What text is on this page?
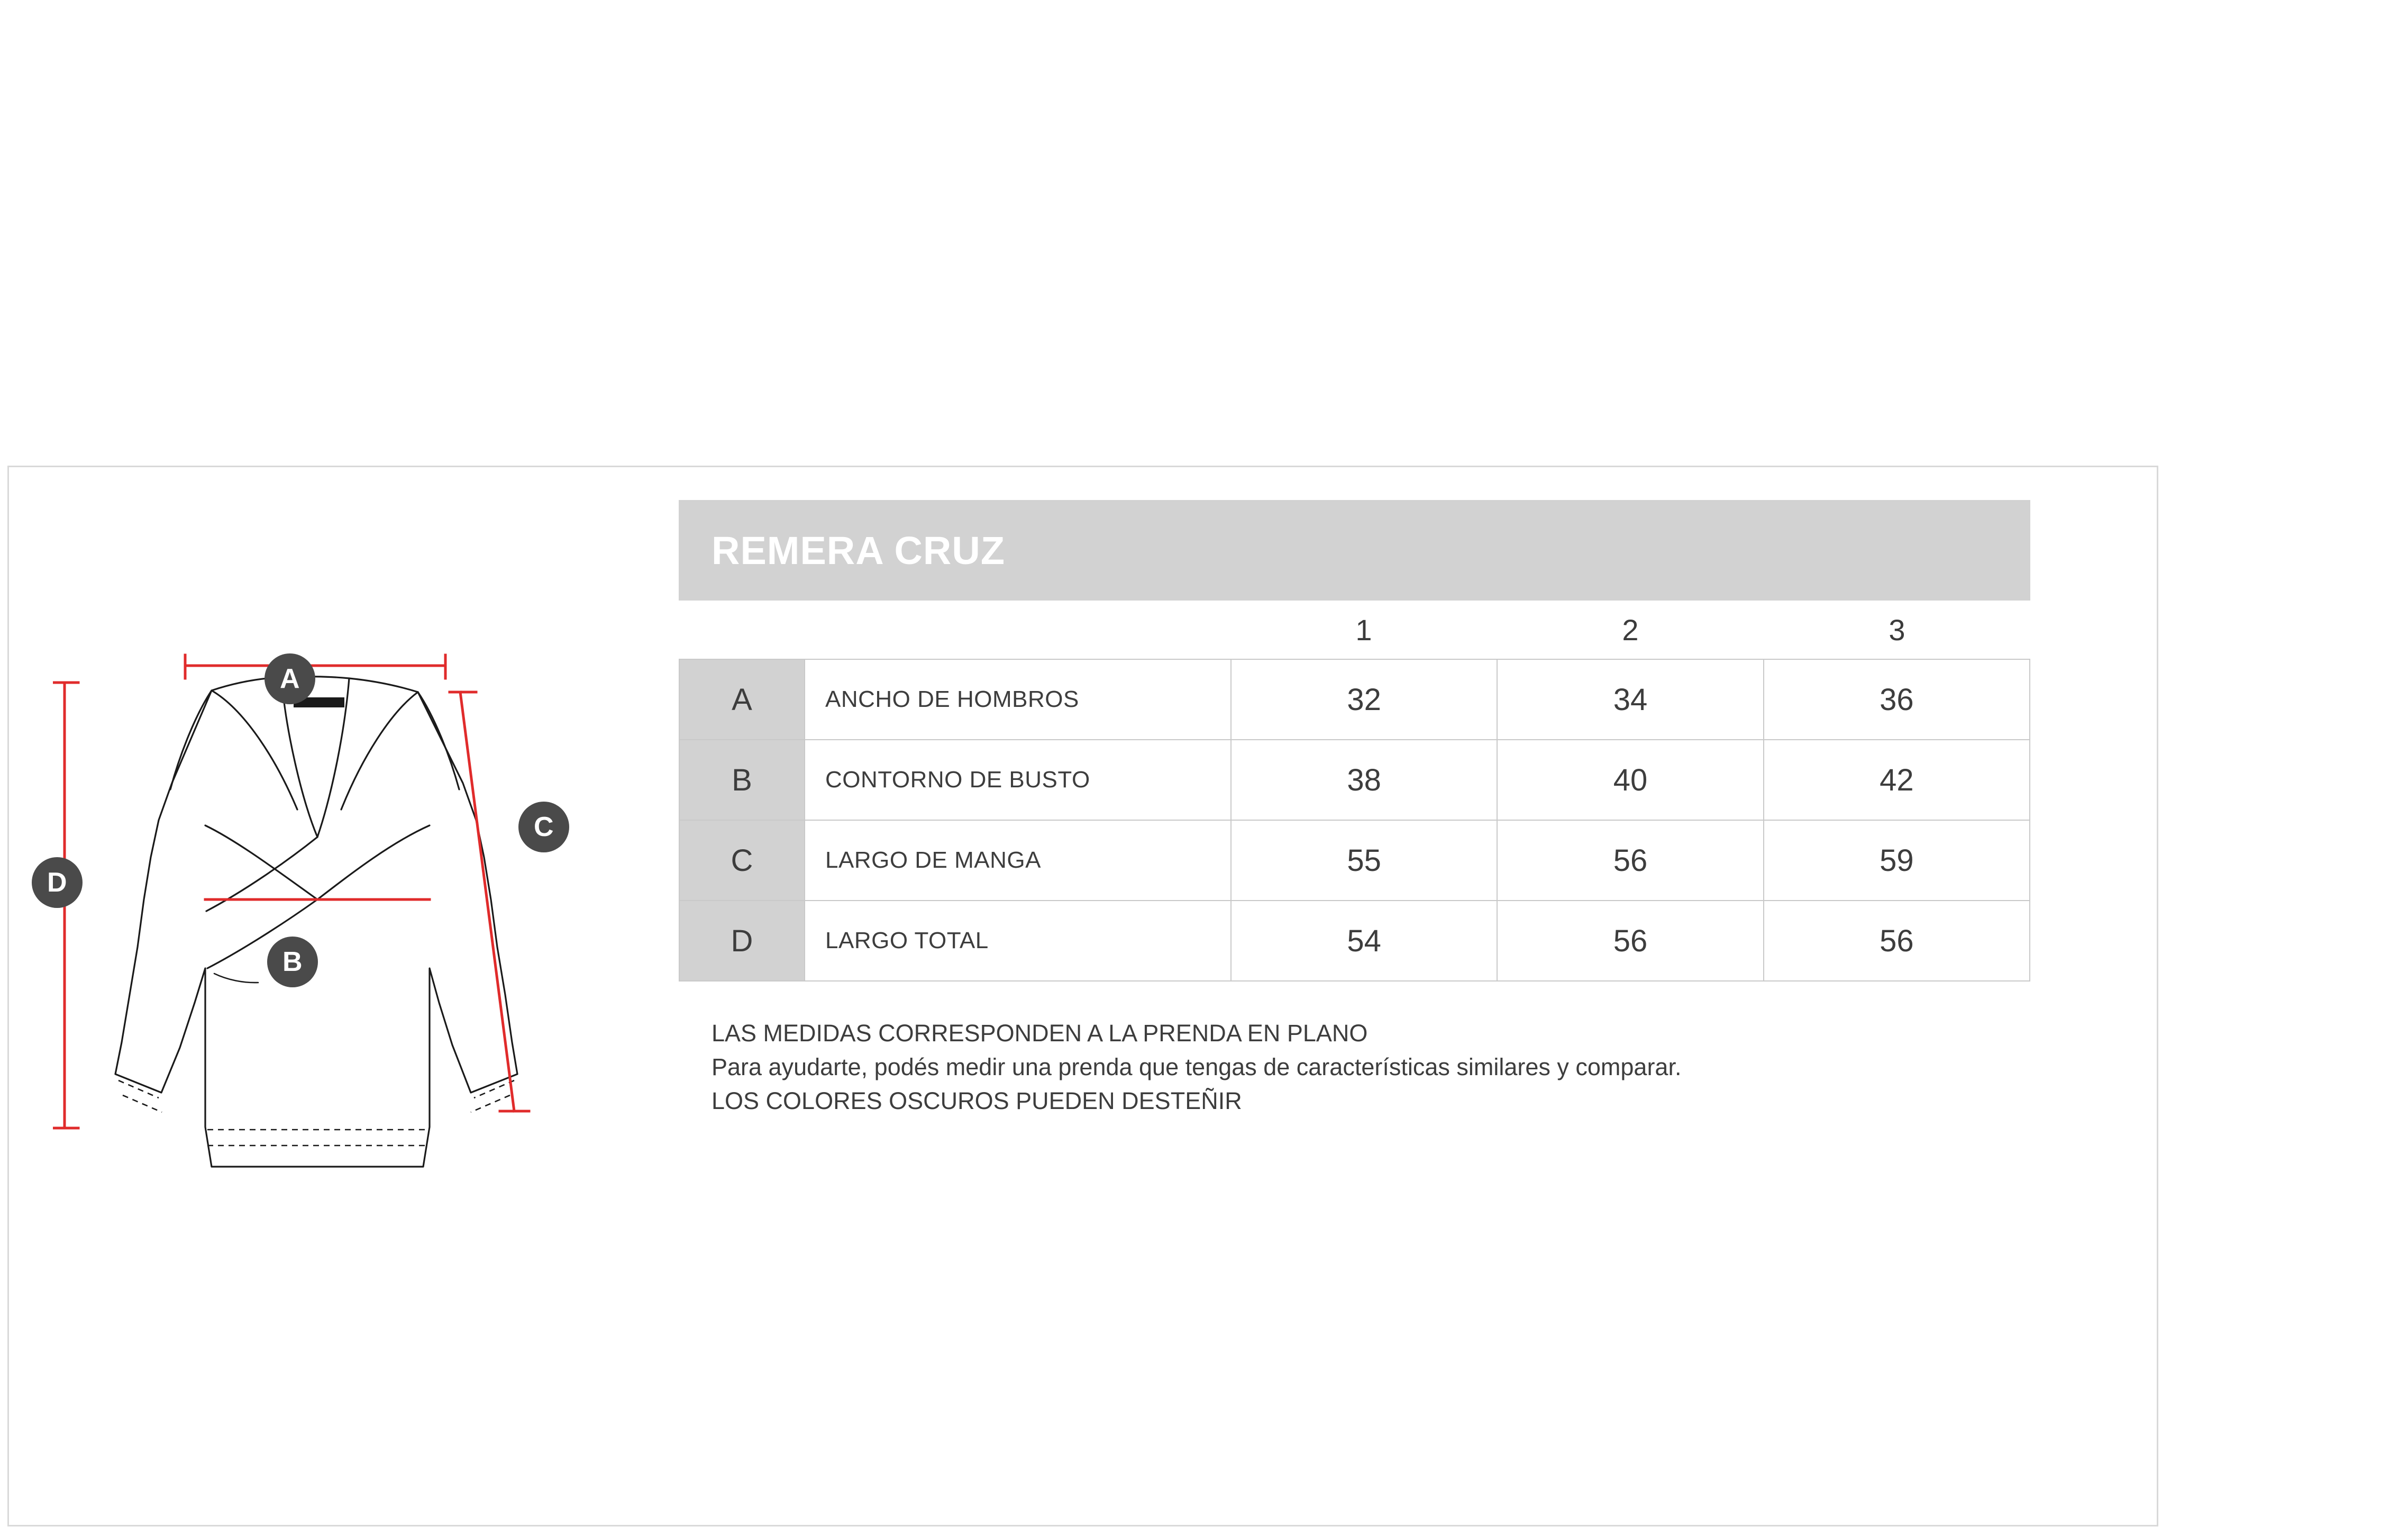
A
B
C
D
REMERA CRUZ
1	2	3
A	ANCHO DE HOMBROS	32	34	36
B	CONTORNO DE BUSTO	38	40	42
C	LARGO DE MANGA	55	56	59
D	LARGO TOTAL	54	56	56
LAS MEDIDAS CORRESPONDEN A LA PRENDA EN PLANO
Para ayudarte, podés medir una prenda que tengas de características similares y comparar.
LOS COLORES OSCUROS PUEDEN DESTEÑIR
